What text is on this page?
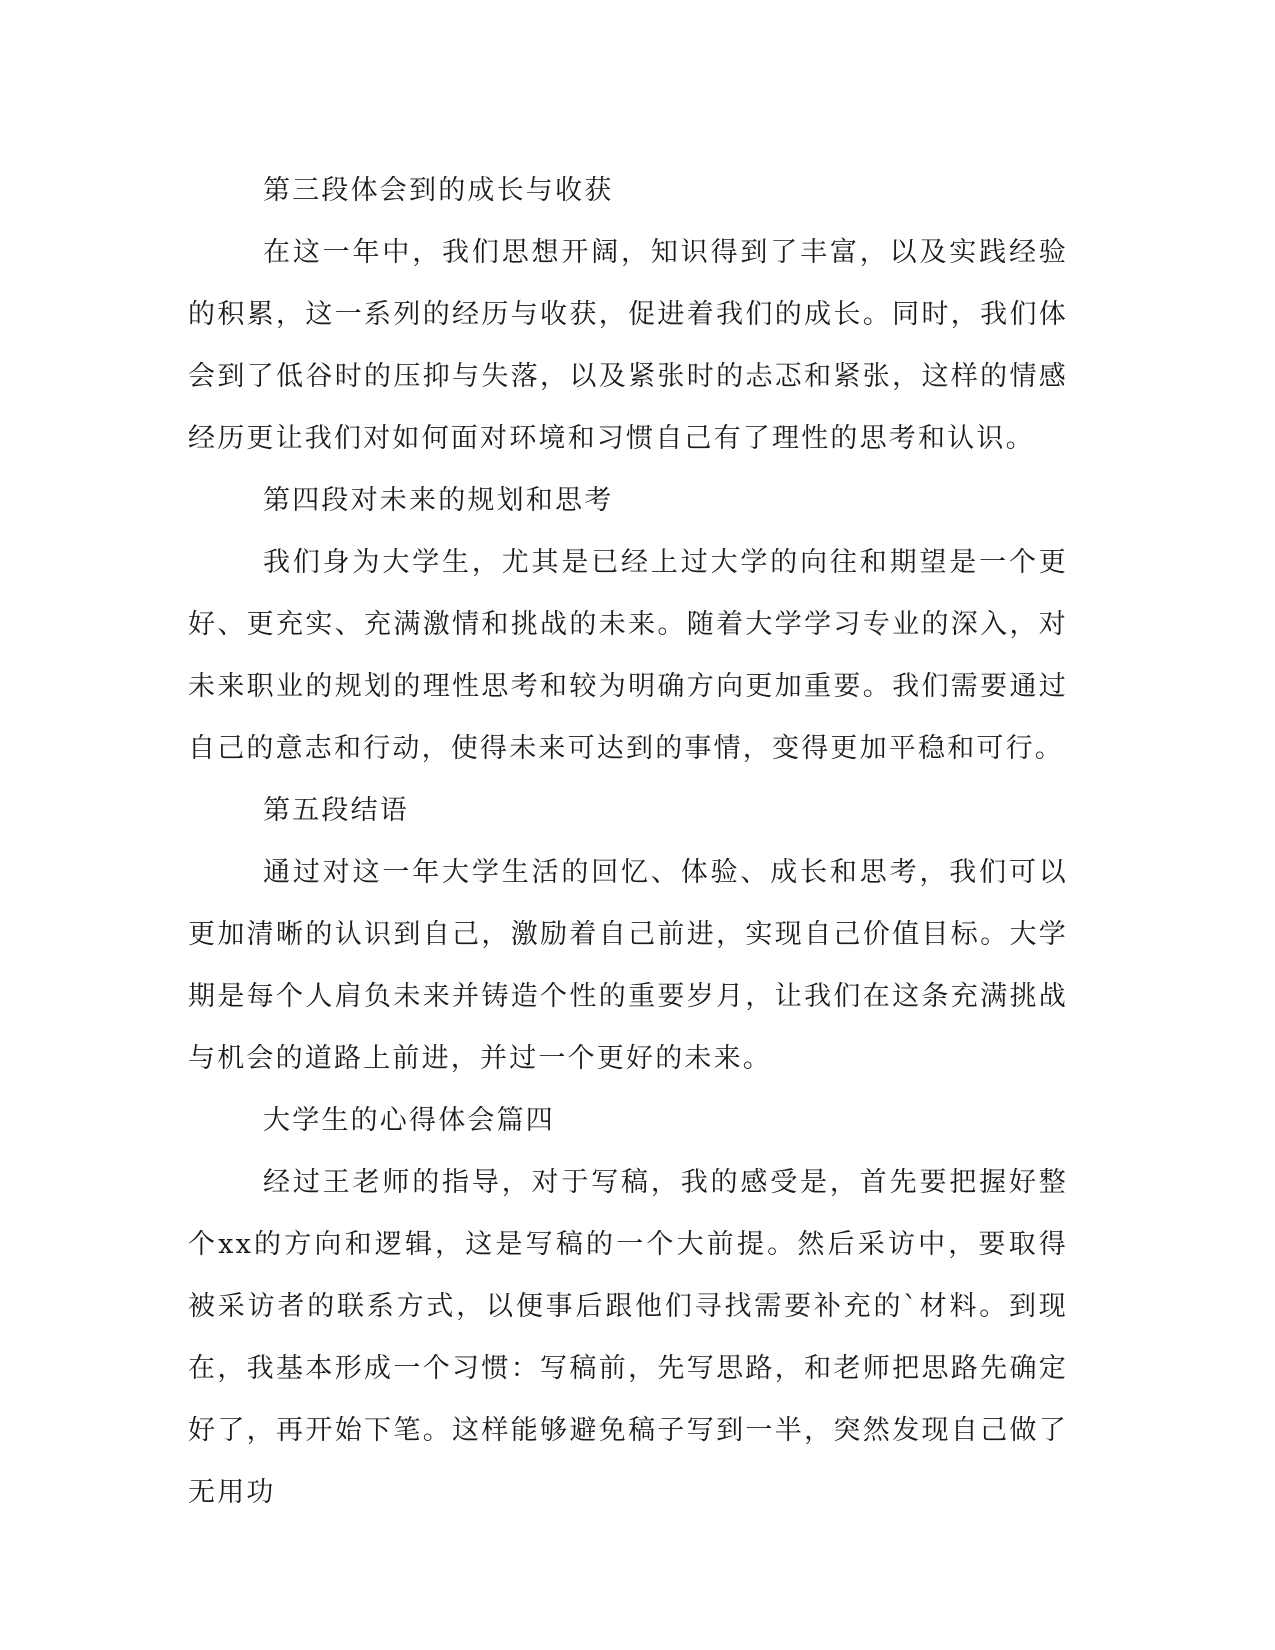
第三段体会到的成长与收获

在这一年中，我们思想开阔，知识得到了丰富，以及实践经验的积累，这一系列的经历与收获，促进着我们的成长。同时，我们体会到了低谷时的压抑与失落，以及紧张时的忐忑和紧张，这样的情感经历更让我们对如何面对环境和习惯自己有了理性的思考和认识。

第四段对未来的规划和思考

我们身为大学生，尤其是已经上过大学的向往和期望是一个更好、更充实、充满激情和挑战的未来。随着大学学习专业的深入，对未来职业的规划的理性思考和较为明确方向更加重要。我们需要通过自己的意志和行动，使得未来可达到的事情，变得更加平稳和可行。

第五段结语

通过对这一年大学生活的回忆、体验、成长和思考，我们可以更加清晰的认识到自己，激励着自己前进，实现自己价值目标。大学期是每个人肩负未来并铸造个性的重要岁月，让我们在这条充满挑战与机会的道路上前进，并过一个更好的未来。

大学生的心得体会篇四

经过王老师的指导，对于写稿，我的感受是，首先要把握好整个xx的方向和逻辑，这是写稿的一个大前提。然后采访中，要取得被采访者的联系方式，以便事后跟他们寻找需要补充的`材料。到现在，我基本形成一个习惯：写稿前，先写思路，和老师把思路先确定好了，再开始下笔。这样能够避免稿子写到一半，突然发现自己做了无用功
